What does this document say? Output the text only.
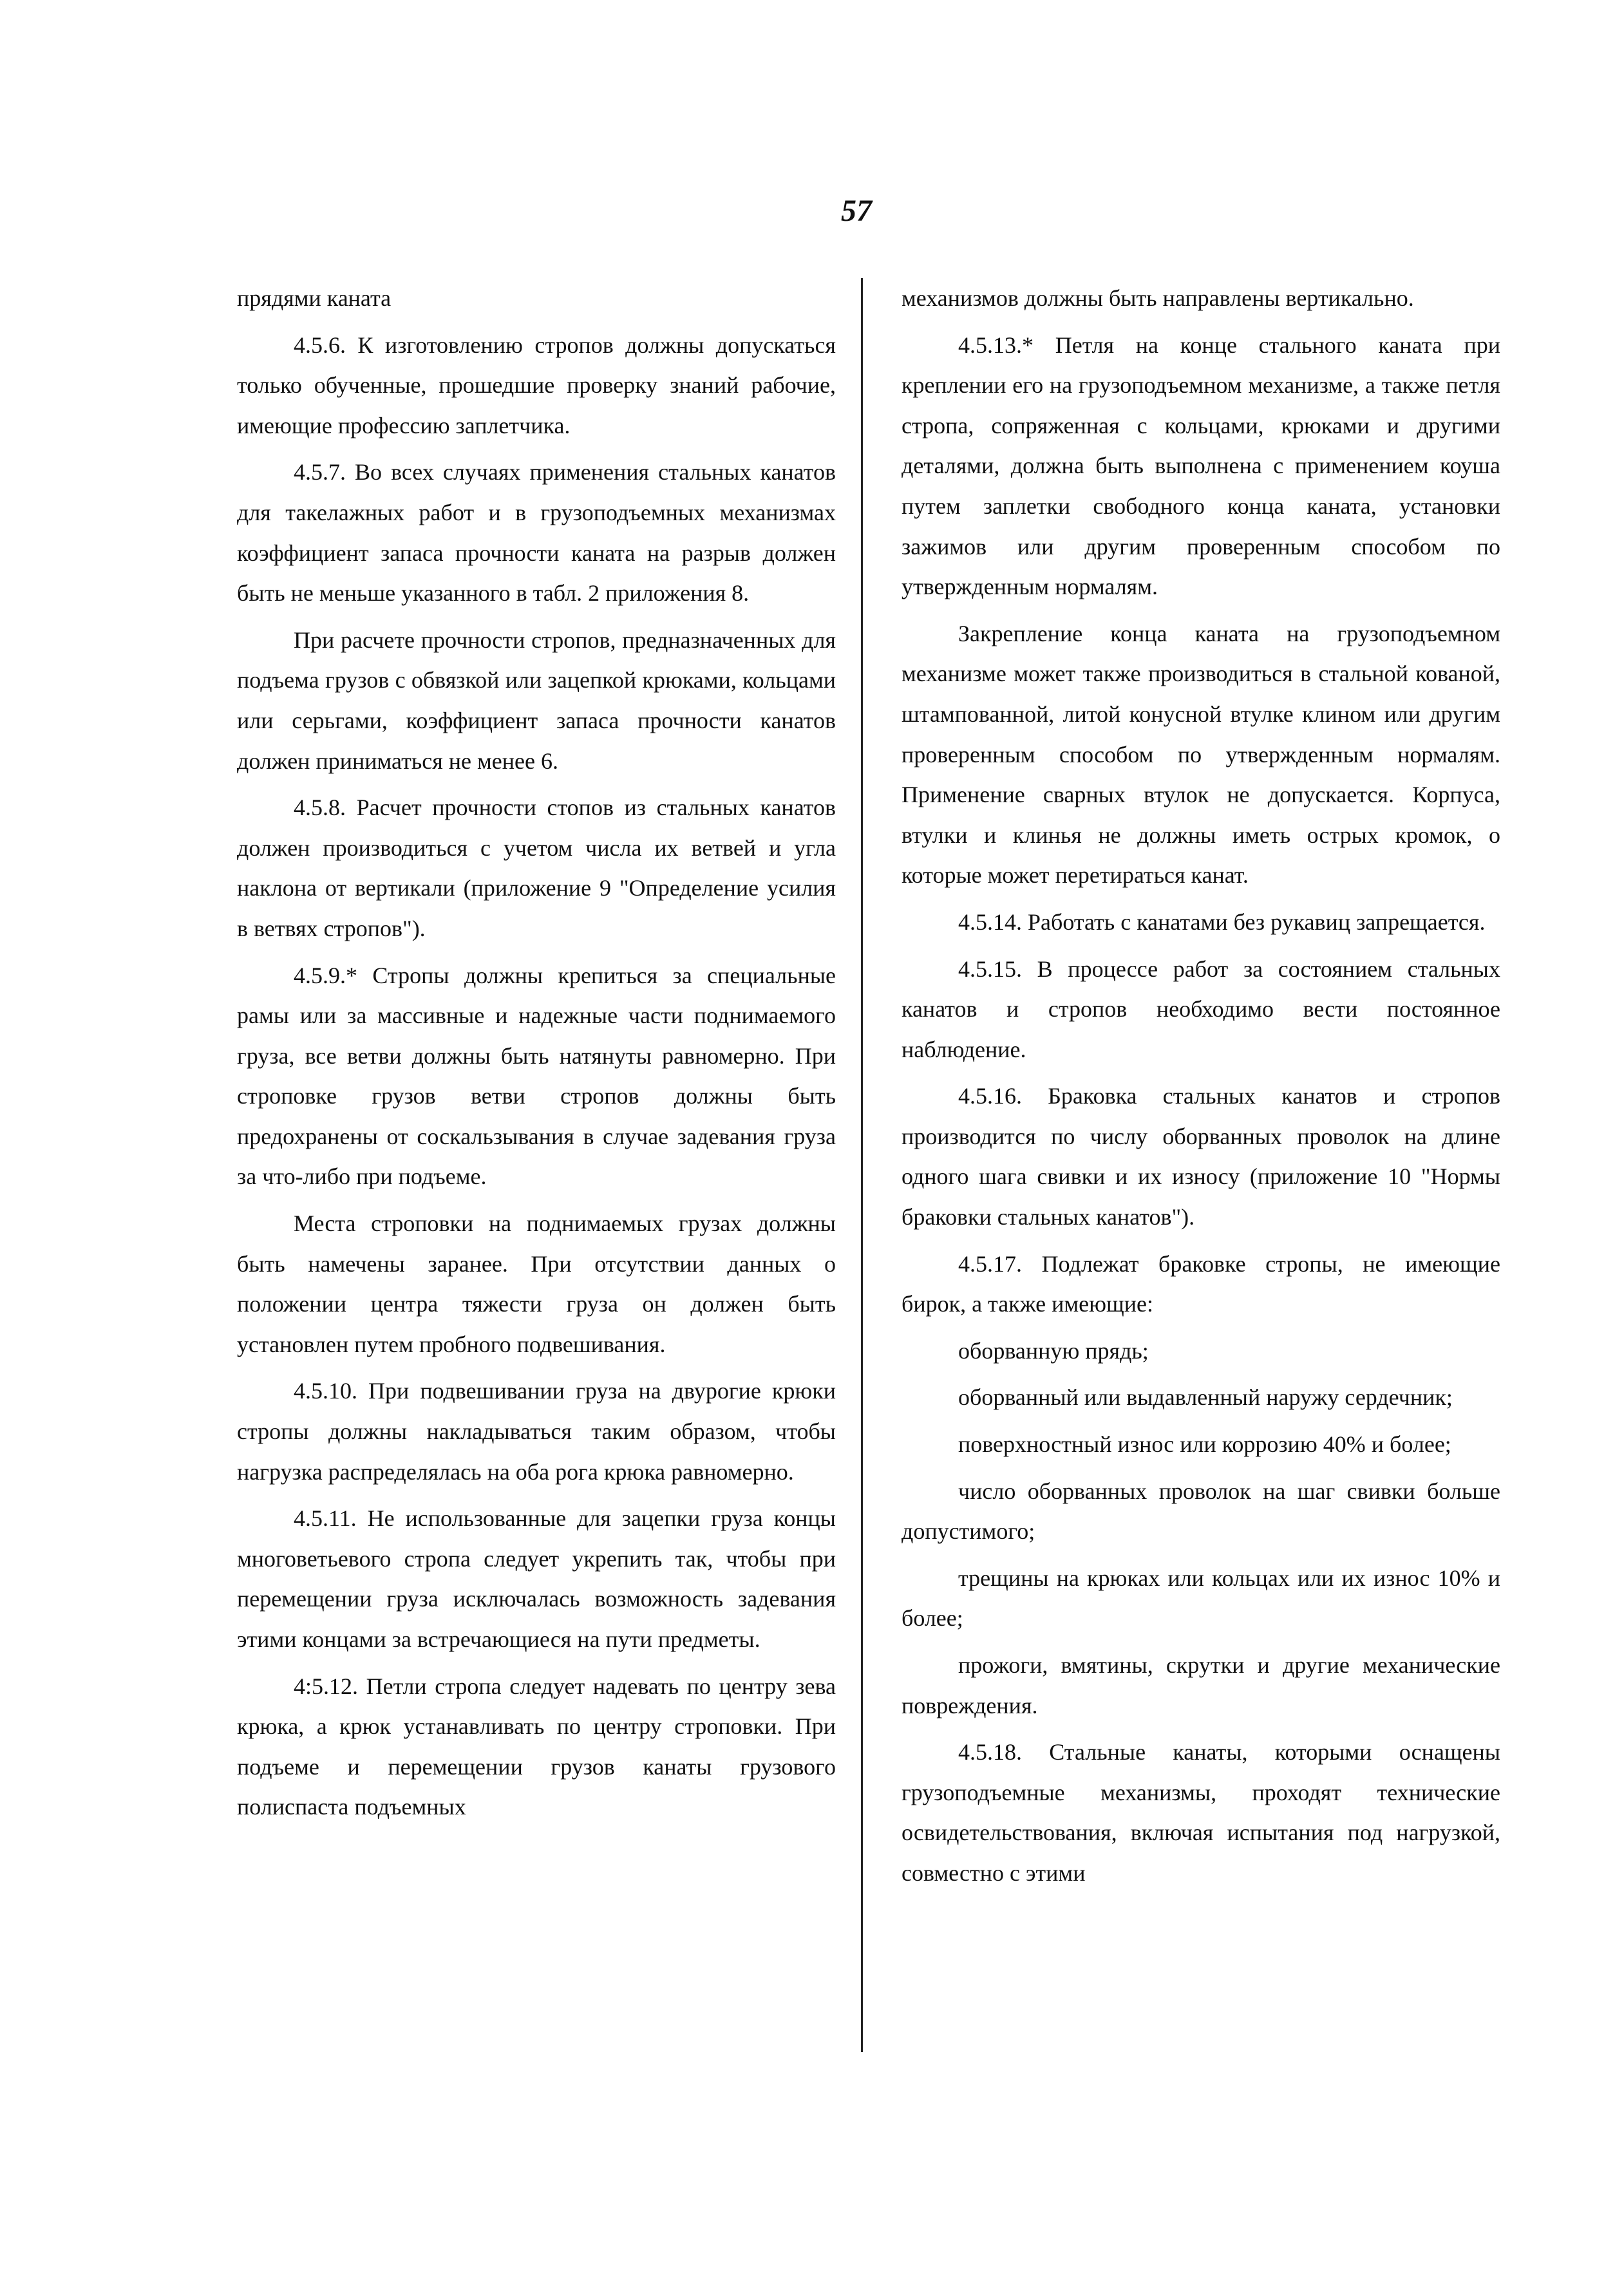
57

прядями каната

4.5.6. К изготовлению стропов должны допускаться только обученные, прошедшие проверку знаний рабочие, имеющие профессию заплетчика.

4.5.7. Во всех случаях применения стальных канатов для такелажных работ и в грузоподъемных механизмах коэффициент запаса прочности каната на разрыв должен быть не меньше указанного в табл. 2 приложения 8.

При расчете прочности стропов, предназначенных для подъема грузов с обвязкой или зацепкой крюками, кольцами или серьгами, коэффициент запаса прочности канатов должен приниматься не менее 6.

4.5.8. Расчет прочности стопов из стальных канатов должен производиться с учетом числа их ветвей и угла наклона от вертикали (приложение 9 "Определение усилия в ветвях стропов").

4.5.9.* Стропы должны крепиться за специальные рамы или за массивные и надежные части поднимаемого груза, все ветви должны быть натянуты равномерно. При строповке грузов ветви стропов должны быть предохранены от соскальзывания в случае задевания груза за что-либо при подъеме.

Места строповки на поднимаемых грузах должны быть намечены заранее. При отсутствии данных о положении центра тяжести груза он должен быть установлен путем пробного подвешивания.

4.5.10. При подвешивании груза на двурогие крюки стропы должны накладываться таким образом, чтобы нагрузка распределялась на оба рога крюка равномерно.

4.5.11. Не использованные для зацепки груза концы многоветьевого стропа следует укрепить так, чтобы при перемещении груза исключалась возможность задевания этими концами за встречающиеся на пути предметы.

4:5.12. Петли стропа следует надевать по центру зева крюка, а крюк устанавливать по центру строповки. При подъеме и перемещении грузов канаты грузового полиспаста подъемных

механизмов должны быть направлены вертикально.

4.5.13.* Петля на конце стального каната при креплении его на грузоподъемном механизме, а также петля стропа, сопряженная с кольцами, крюками и другими деталями, должна быть выполнена с применением коуша путем заплетки свободного конца каната, установки зажимов или другим проверенным способом по утвержденным нормалям.

Закрепление конца каната на грузоподъемном механизме может также производиться в стальной кованой, штампованной, литой конусной втулке клином или другим проверенным способом по утвержденным нормалям. Применение сварных втулок не допускается. Корпуса, втулки и клинья не должны иметь острых кромок, о которые может перетираться канат.

4.5.14. Работать с канатами без рукавиц запрещается.

4.5.15. В процессе работ за состоянием стальных канатов и стропов необходимо вести постоянное наблюдение.

4.5.16. Браковка стальных канатов и стропов производится по числу оборванных проволок на длине одного шага свивки и их износу (приложение 10 "Нормы браковки стальных канатов").

4.5.17. Подлежат браковке стропы, не имеющие бирок, а также имеющие:

оборванную прядь;

оборванный или выдавленный наружу сердечник;

поверхностный износ или коррозию 40% и более;

число оборванных проволок на шаг свивки больше допустимого;

трещины на крюках или кольцах или их износ 10% и более;

прожоги, вмятины, скрутки и другие механические повреждения.

4.5.18. Стальные канаты, которыми оснащены грузоподъемные механизмы, проходят технические освидетельствования, включая испытания под нагрузкой, совместно с этими
